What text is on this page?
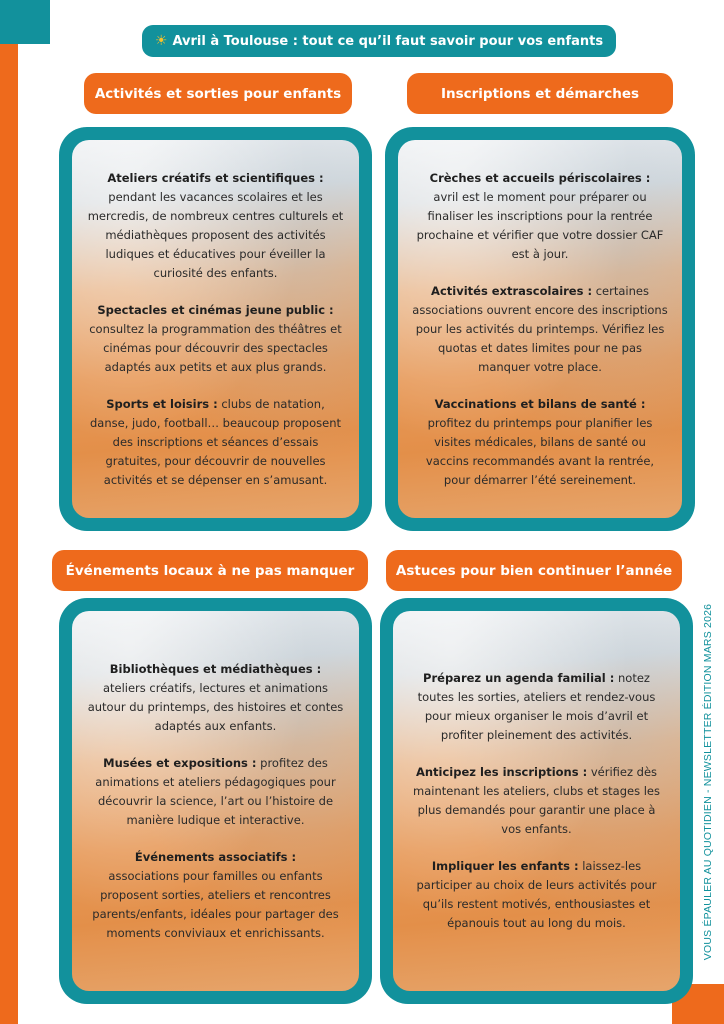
☀ Avril à Toulouse : tout ce qu’il faut savoir pour vos enfants
Activités et sorties pour enfants

Ateliers créatifs et scientifiques :
pendant les vacances scolaires et les mercredis, de nombreux centres culturels et médiathèques proposent des activités ludiques et éducatives pour éveiller la curiosité des enfants.

Spectacles et cinémas jeune public :
consultez la programmation des théâtres et cinémas pour découvrir des spectacles adaptés aux petits et aux plus grands.

Sports et loisirs : clubs de natation, danse, judo, football… beaucoup proposent des inscriptions et séances d’essais gratuites, pour découvrir de nouvelles activités et se dépenser en s’amusant.

Inscriptions et démarches

Crèches et accueils périscolaires :
avril est le moment pour préparer ou finaliser les inscriptions pour la rentrée prochaine et vérifier que votre dossier CAF est à jour.

Activités extrascolaires : certaines associations ouvrent encore des inscriptions pour les activités du printemps. Vérifiez les quotas et dates limites pour ne pas manquer votre place.

Vaccinations et bilans de santé :
profitez du printemps pour planifier les visites médicales, bilans de santé ou vaccins recommandés avant la rentrée, pour démarrer l’été sereinement.

Événements locaux à ne pas manquer

Bibliothèques et médiathèques :
ateliers créatifs, lectures et animations autour du printemps, des histoires et contes adaptés aux enfants.

Musées et expositions : profitez des animations et ateliers pédagogiques pour découvrir la science, l’art ou l’histoire de manière ludique et interactive.

Événements associatifs :
associations pour familles ou enfants proposent sorties, ateliers et rencontres parents/enfants, idéales pour partager des moments conviviaux et enrichissants.

Astuces pour bien continuer l’année

Préparez un agenda familial : notez toutes les sorties, ateliers et rendez-vous pour mieux organiser le mois d’avril et profiter pleinement des activités.

Anticipez les inscriptions : vérifiez dès maintenant les ateliers, clubs et stages les plus demandés pour garantir une place à vos enfants.

Impliquer les enfants : laissez-les participer au choix de leurs activités pour qu’ils restent motivés, enthousiastes et épanouis tout au long du mois.	VOUS ÉPAULER AU QUOTIDIEN - NEWSLETTER ÉDITION MARS 2026
